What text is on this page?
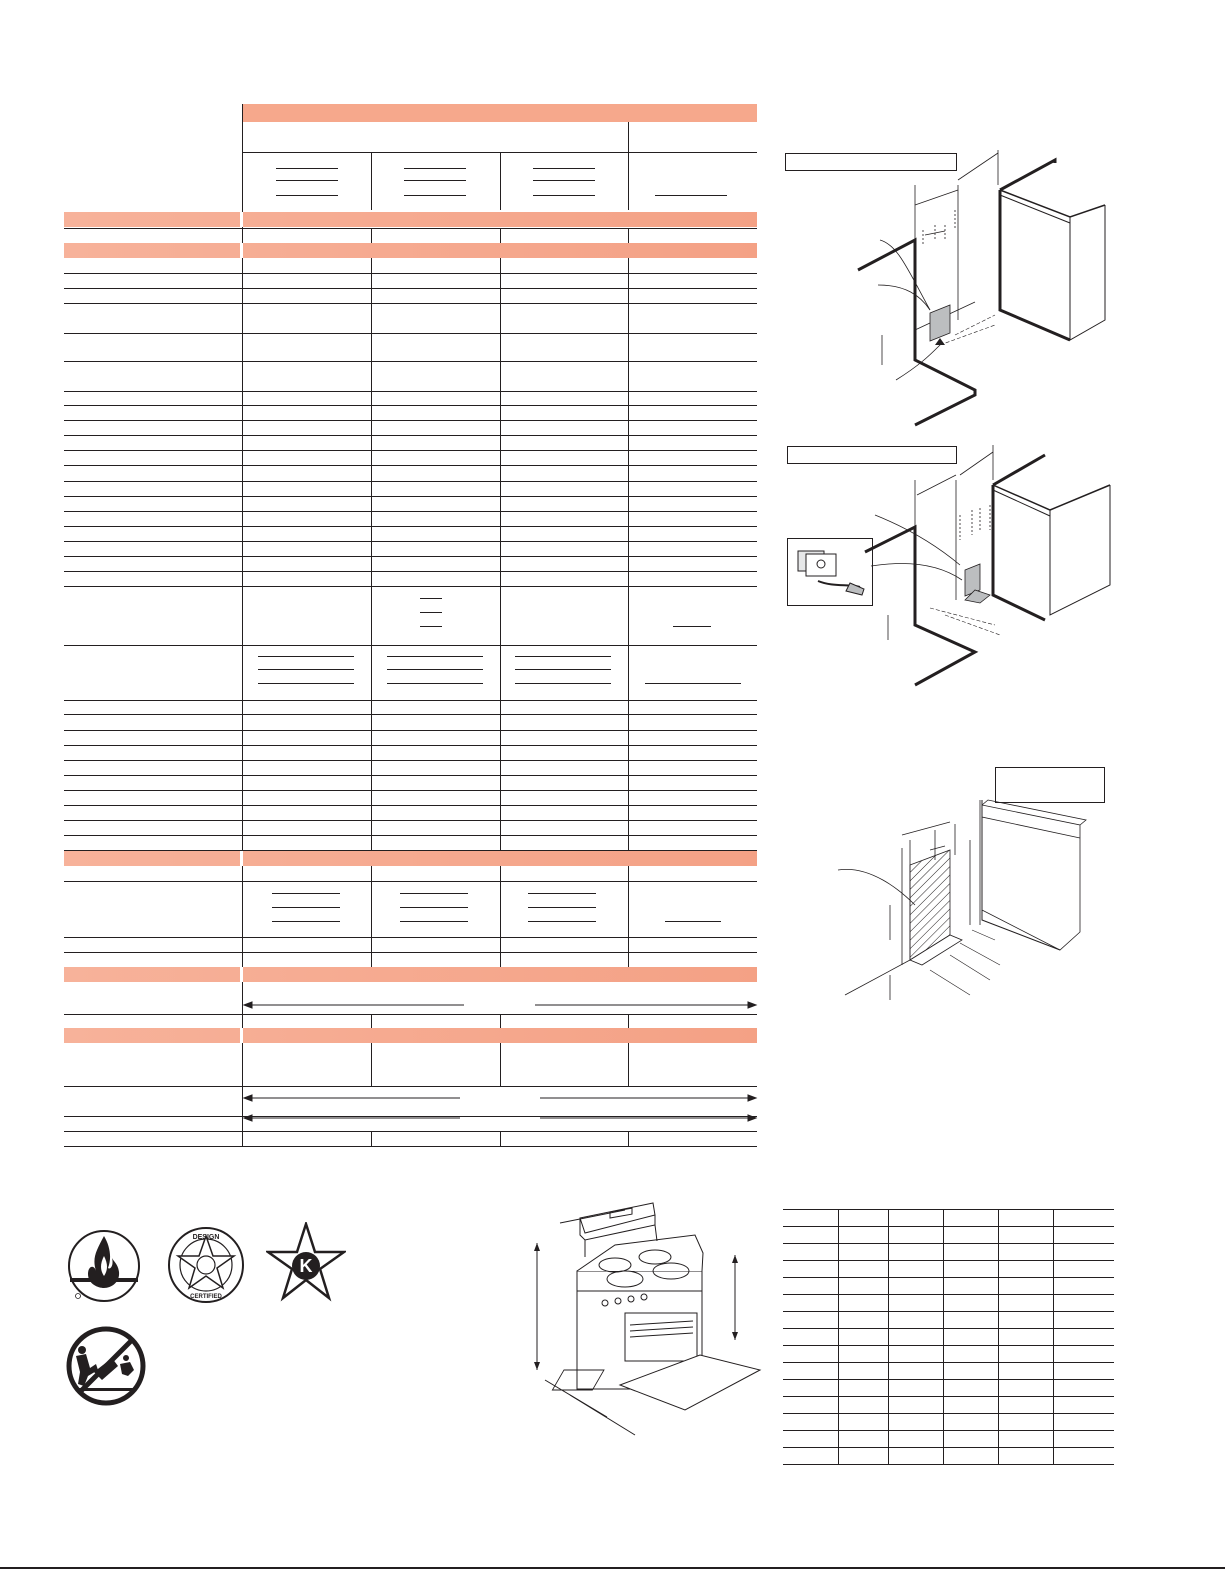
DESIGN
CERTIFIED
K
